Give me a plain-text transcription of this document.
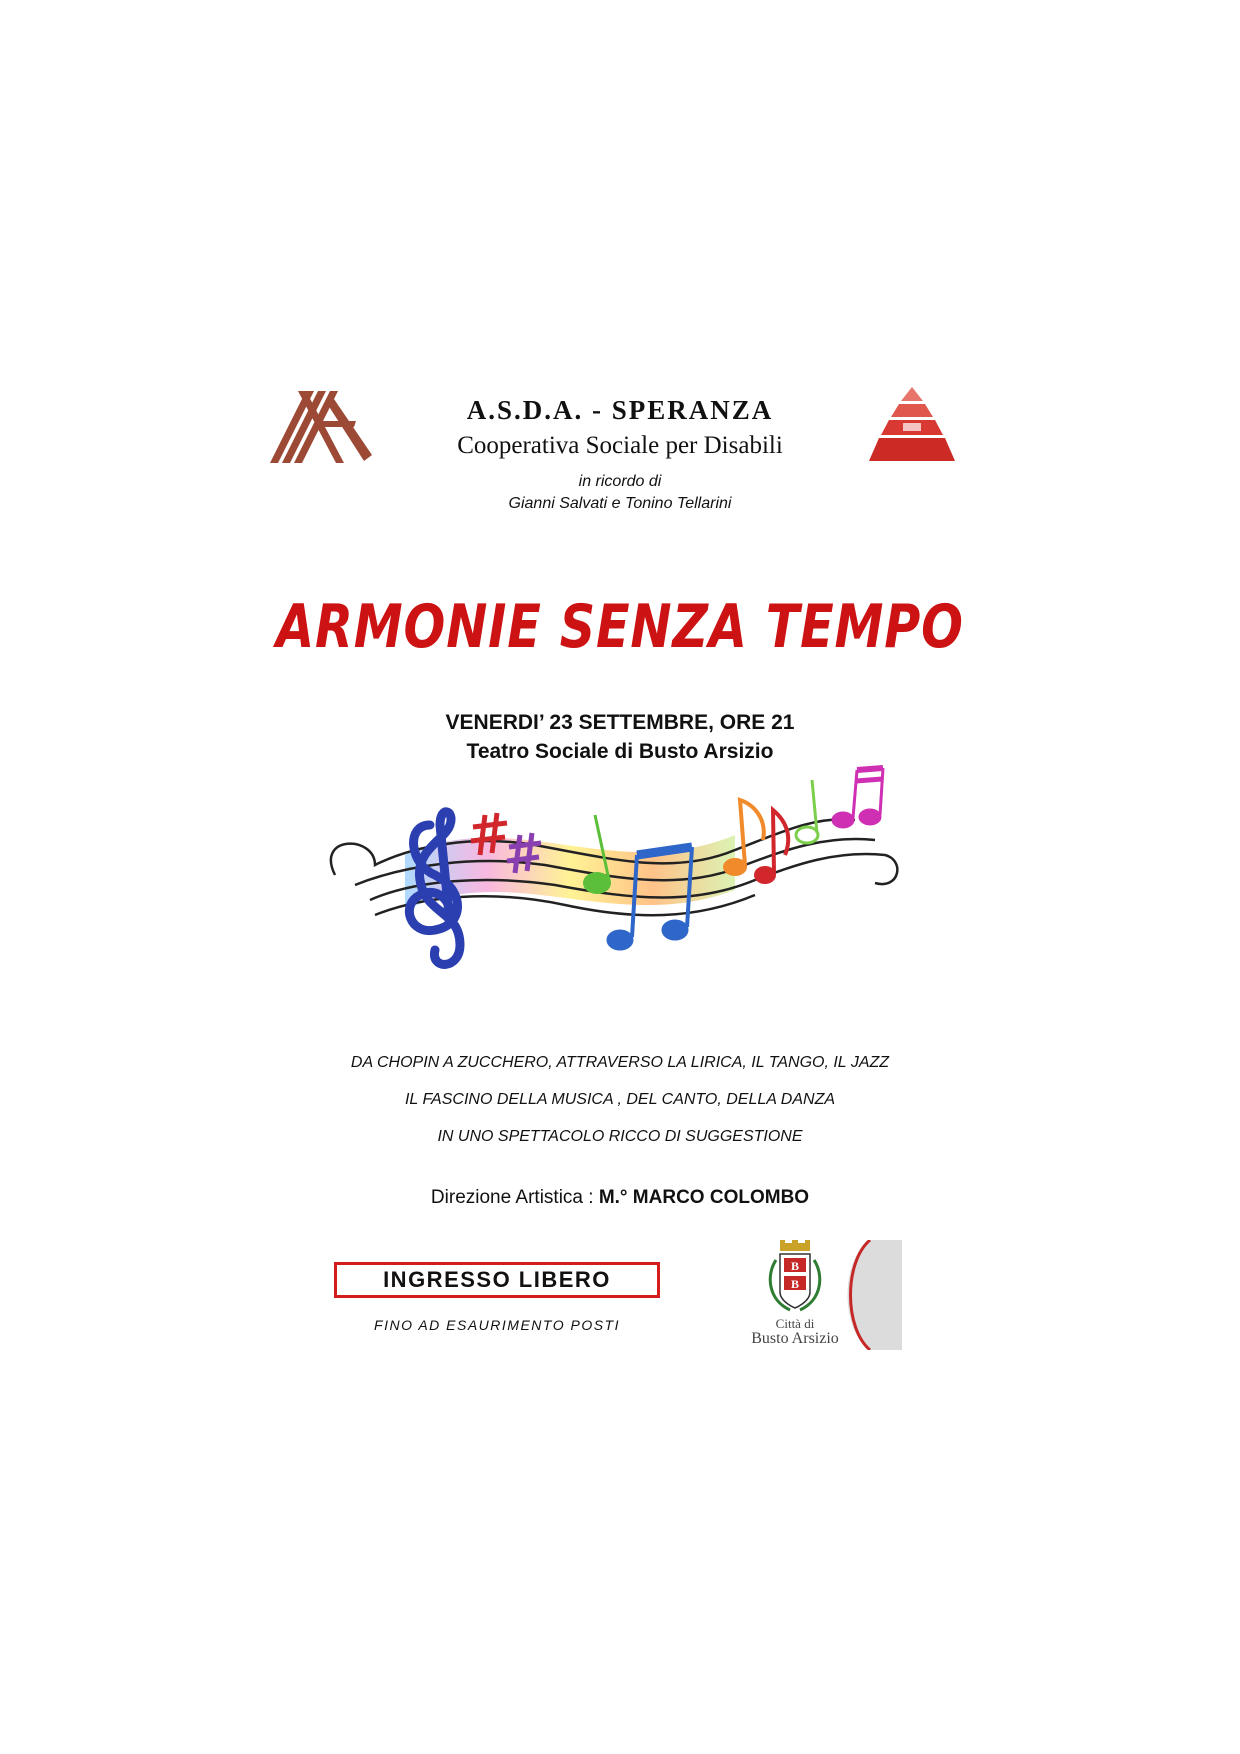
A.S.D.A. - SPERANZA
Cooperativa Sociale per Disabili
in ricordo di
Gianni Salvati e Tonino Tellarini
ARMONIE SENZA TEMPO
VENERDI’ 23 SETTEMBRE, ORE 21
Teatro Sociale di Busto Arsizio
DA CHOPIN A ZUCCHERO, ATTRAVERSO LA LIRICA, IL TANGO, IL JAZZ
IL FASCINO DELLA MUSICA , DEL CANTO, DELLA DANZA
IN UNO SPETTACOLO RICCO DI SUGGESTIONE
Direzione Artistica : M.° MARCO COLOMBO
INGRESSO LIBERO
FINO AD ESAURIMENTO POSTI
B
B
Città di
Busto Arsizio
